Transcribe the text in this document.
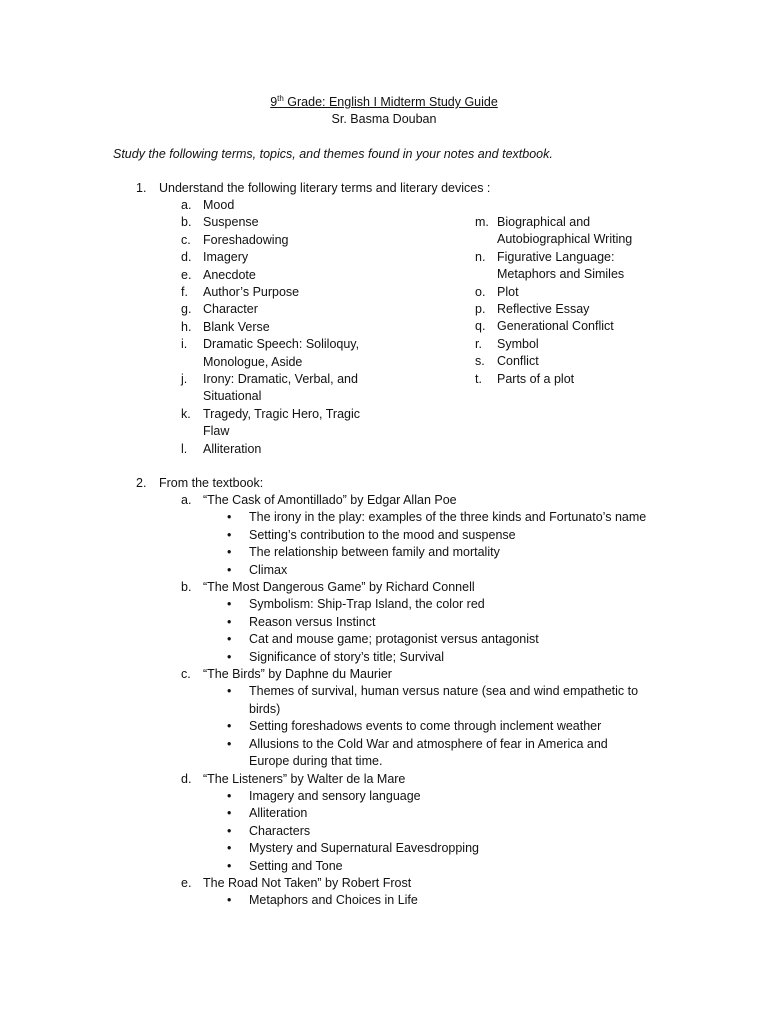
9th Grade: English I Midterm Study Guide
Sr. Basma Douban
Study the following terms, topics, and themes found in your notes and textbook.
1. Understand the following literary terms and literary devices :
a. Mood
b. Suspense
c. Foreshadowing
d. Imagery
e. Anecdote
f. Author’s Purpose
g. Character
h. Blank Verse
i. Dramatic Speech: Soliloquy, Monologue, Aside
j. Irony: Dramatic, Verbal, and Situational
k. Tragedy, Tragic Hero, Tragic Flaw
l. Alliteration
m. Biographical and Autobiographical Writing
n. Figurative Language: Metaphors and Similes
o. Plot
p. Reflective Essay
q. Generational Conflict
r. Symbol
s. Conflict
t. Parts of a plot
2. From the textbook:
a. “The Cask of Amontillado” by Edgar Allan Poe
• The irony in the play: examples of the three kinds and Fortunato’s name
• Setting’s contribution to the mood and suspense
• The relationship between family and mortality
• Climax
b. “The Most Dangerous Game” by Richard Connell
• Symbolism: Ship-Trap Island, the color red
• Reason versus Instinct
• Cat and mouse game; protagonist versus antagonist
• Significance of story’s title; Survival
c. “The Birds” by Daphne du Maurier
• Themes of survival, human versus nature (sea and wind empathetic to birds)
• Setting foreshadows events to come through inclement weather
• Allusions to the Cold War and atmosphere of fear in America and Europe during that time.
d. “The Listeners” by Walter de la Mare
• Imagery and sensory language
• Alliteration
• Characters
• Mystery and Supernatural Eavesdropping
• Setting and Tone
e. The Road Not Taken” by Robert Frost
• Metaphors and Choices in Life
